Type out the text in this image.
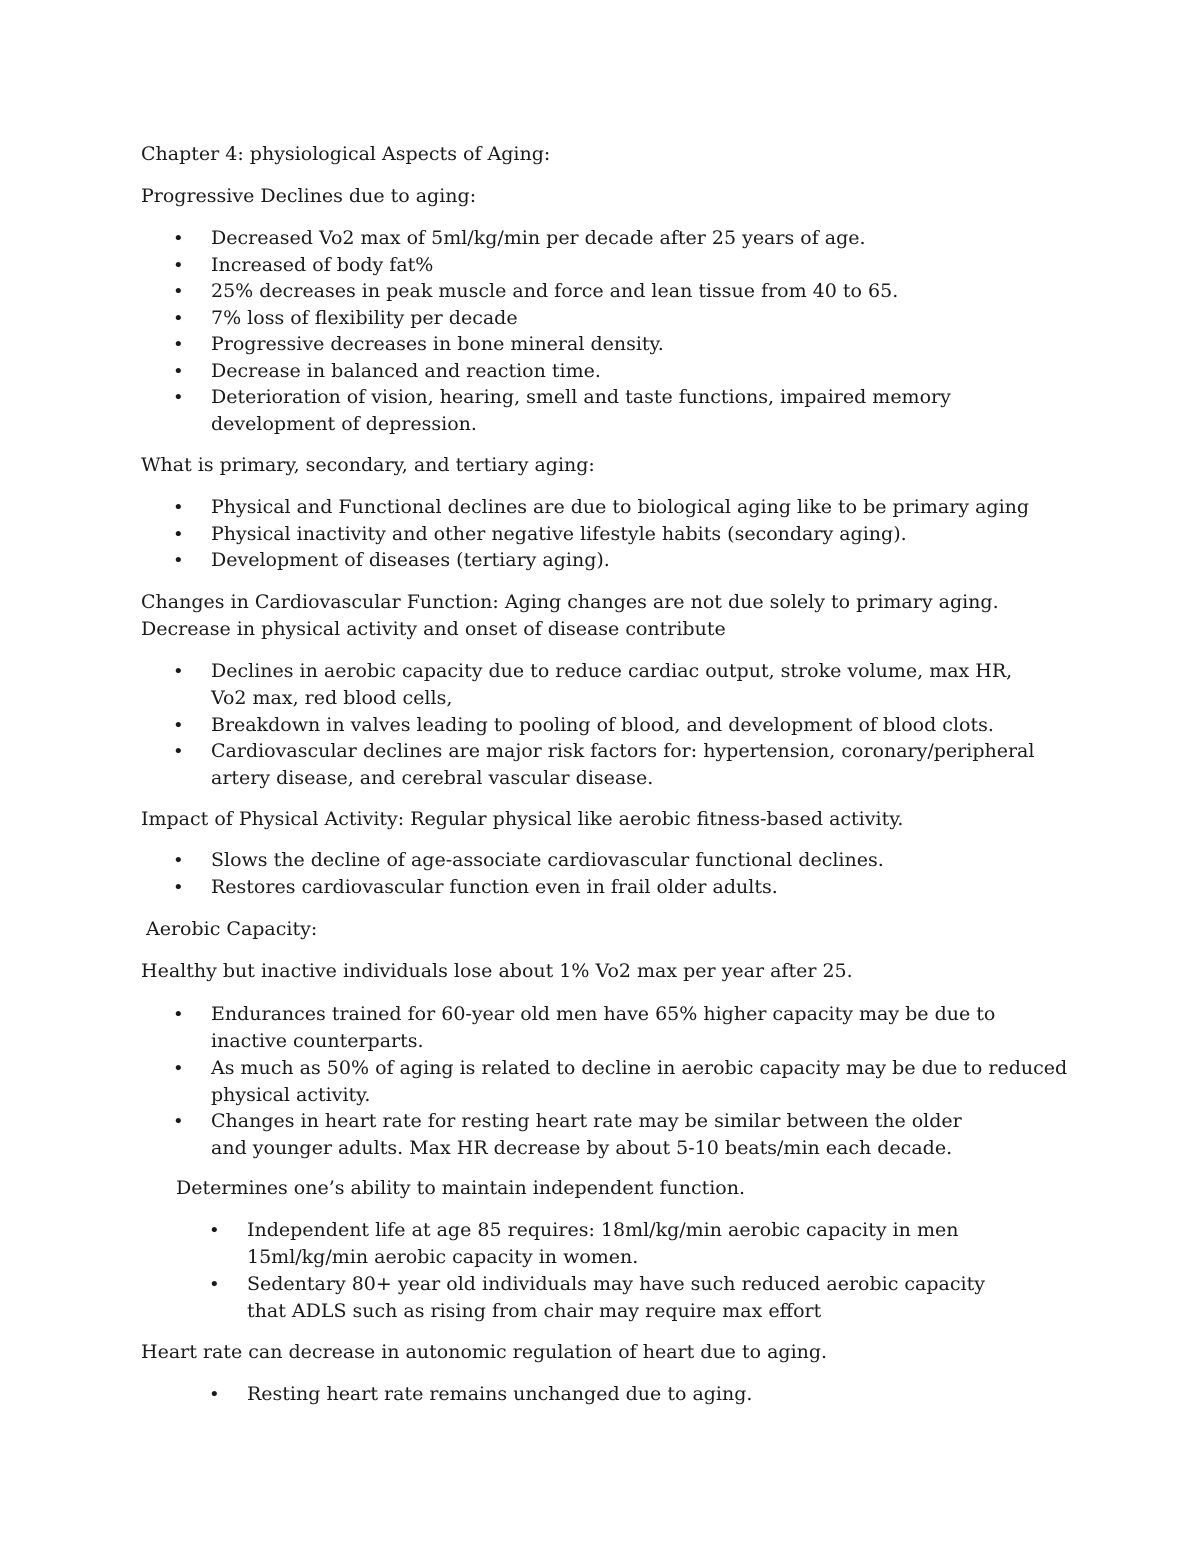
Chapter 4: physiological Aspects of Aging:

Progressive Declines due to aging:

• Decreased Vo2 max of 5ml/kg/min per decade after 25 years of age.
• Increased of body fat%
• 25% decreases in peak muscle and force and lean tissue from 40 to 65.
• 7% loss of flexibility per decade
• Progressive decreases in bone mineral density.
• Decrease in balanced and reaction time.
• Deterioration of vision, hearing, smell and taste functions, impaired memory development of depression.

What is primary, secondary, and tertiary aging:

• Physical and Functional declines are due to biological aging like to be primary aging
• Physical inactivity and other negative lifestyle habits (secondary aging).
• Development of diseases (tertiary aging).

Changes in Cardiovascular Function: Aging changes are not due solely to primary aging. Decrease in physical activity and onset of disease contribute

• Declines in aerobic capacity due to reduce cardiac output, stroke volume, max HR, Vo2 max, red blood cells,
• Breakdown in valves leading to pooling of blood, and development of blood clots.
• Cardiovascular declines are major risk factors for: hypertension, coronary/peripheral artery disease, and cerebral vascular disease.

Impact of Physical Activity: Regular physical like aerobic fitness-based activity.

• Slows the decline of age-associate cardiovascular functional declines.
• Restores cardiovascular function even in frail older adults.

Aerobic Capacity:

Healthy but inactive individuals lose about 1% Vo2 max per year after 25.

• Endurances trained for 60-year old men have 65% higher capacity may be due to inactive counterparts.
• As much as 50% of aging is related to decline in aerobic capacity may be due to reduced physical activity.
• Changes in heart rate for resting heart rate may be similar between the older and younger adults. Max HR decrease by about 5-10 beats/min each decade.

Determines one’s ability to maintain independent function.

• Independent life at age 85 requires: 18ml/kg/min aerobic capacity in men 15ml/kg/min aerobic capacity in women.
• Sedentary 80+ year old individuals may have such reduced aerobic capacity that ADLS such as rising from chair may require max effort

Heart rate can decrease in autonomic regulation of heart due to aging.

• Resting heart rate remains unchanged due to aging.
